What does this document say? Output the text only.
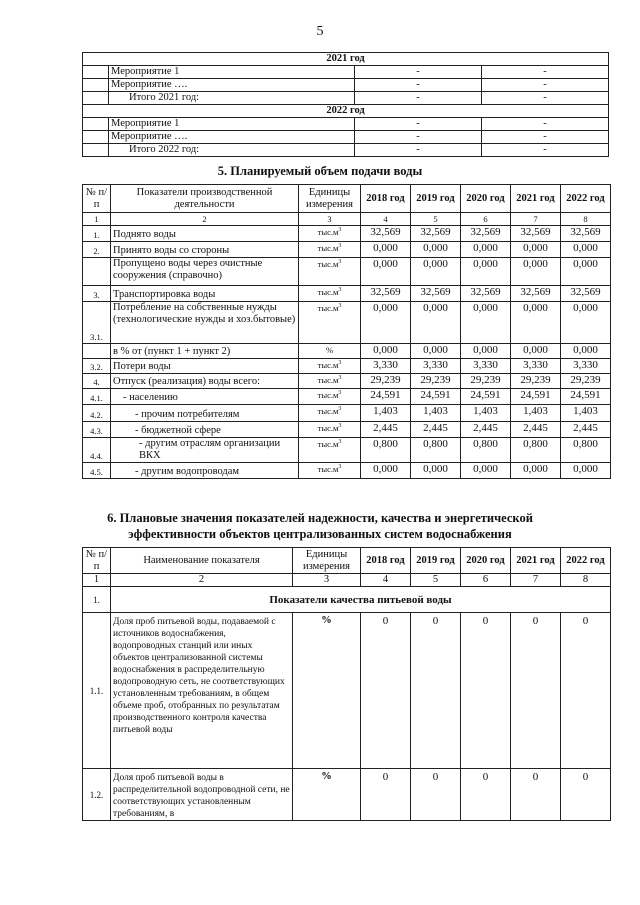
5
2021 год			
	Мероприятие 1	-	-
	Мероприятие ….	-	-
	Итого 2021 год:	-	-
2022 год			
	Мероприятие 1	-	-
	Мероприятие ….	-	-
	Итого 2022 год:	-	-
5. Планируемый объем подачи воды
№ п/п	Показатели производственной деятельности	Единицы измерения	2018 год	2019 год	2020 год	2021 год	2022 год
1	2	3	4	5	6	7	8
1.	Поднято воды	$тыс.м^3$	32,569	32,569	32,569	32,569	32,569
2.	Принято воды со стороны	$тыс.м^3$	0,000	0,000	0,000	0,000	0,000
	Пропущено воды через очистные сооружения (справочно)	$тыс.м^3$	0,000	0,000	0,000	0,000	0,000
3.	Транспортировка воды	$тыс.м^3$	32,569	32,569	32,569	32,569	32,569
3.1.	Потребление на собственные нужды (технологические нужды и хоз.бытовые)	$тыс.м^3$	0,000	0,000	0,000	0,000	0,000
	в % от (пункт 1 + пункт 2)	%	0,000	0,000	0,000	0,000	0,000
3.2.	Потери воды	$тыс.м^3$	3,330	3,330	3,330	3,330	3,330
4.	Отпуск (реализация) воды всего:	$тыс.м^3$	29,239	29,239	29,239	29,239	29,239
4.1.	- населению	$тыс.м^3$	24,591	24,591	24,591	24,591	24,591
4.2.	- прочим потребителям	$тыс.м^3$	1,403	1,403	1,403	1,403	1,403
4.3.	- бюджетной сфере	$тыс.м^3$	2,445	2,445	2,445	2,445	2,445
4.4.	- другим отраслям организации ВКХ	$тыс.м^3$	0,800	0,800	0,800	0,800	0,800
4.5.	- другим водопроводам	$тыс.м^3$	0,000	0,000	0,000	0,000	0,000
6. Плановые значения показателей надежности, качества и энергетической
эффективности объектов централизованных систем водоснабжения
№ п/п	Наименование показателя	Единицы измерения	2018 год	2019 год	2020 год	2021 год	2022 год
1	2	3	4	5	6	7	8
1.	Показатели качества питьевой воды						
1.1.	Доля проб питьевой воды, подаваемой с источников водоснабжения, водопроводных станций или иных объектов централизованной системы водоснабжения в распределительную водопроводную сеть, не соответствующих установленным требованиям, в общем объеме проб, отобранных по результатам производственного контроля качества питьевой воды	%	0	0	0	0	0
1.2.	Доля проб питьевой воды в распределительной водопроводной сети, не соответствующих установленным требованиям, в	%	0	0	0	0	0
